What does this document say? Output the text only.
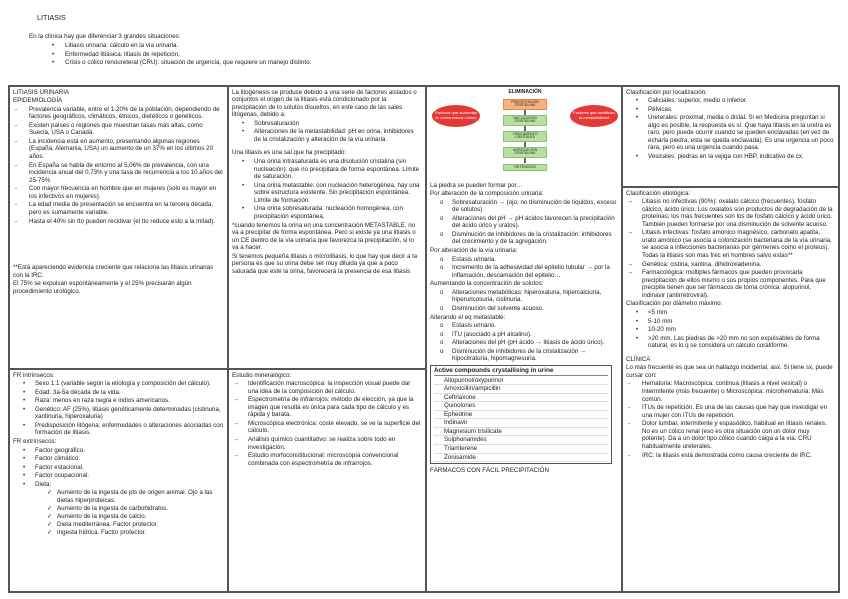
LITIASIS
En la clínica hay que diferenciar 3 grandes situaciones:
• Litiasis urinaria: cálculo en la vía urinaria.
• Enfermedad litiásica: litiasis de repetición.
• Crisis o cólico renoureteral (CRU): situación de urgencia, que requiere un manejo distinto.
LITIASIS URINARIA
EPIDEMIOLOGÍA
- Prevalencia variable, entre el 1-20% de la población, dependiendo de factores geográficos, climáticos, étnicos, dietéticos o genéticos.
- Existen países o regiones que muestran tasas más altas, como Suecia, USA o Canadá.
- La incidencia está en aumento, presentando algunas regiones (España, Alemania, USA) un aumento de un 37% en los últimos 20 años.
- En España se habla de entorno al 5,06% de prevalencia, con una incidencia anual del 0,73% y una tasa de recurrencia a los 10 años del 25-75%
- Con mayor frecuencia en hombre que en mujeres (solo es mayor en los infectivos en mujeres).
- La edad media de presentación se encuentra en la tercera década, pero es sumamente variable.
- Hasta el 40% sin tto pueden recidivar (el tto reduce esto a la mitad).
**Está apareciendo evidencia creciente que relaciona las litiasis urinarias con la IRC.
El 75% se expulsan espontáneamente y el 25% precisarán algún procedimiento urológico.
La litogénesis se produce debido a una serie de factores aislados o conjuntos el origen de la litiasis está condicionado por la precipitación de lo solutos disueltos, en este caso de las sales litógenas, debido a:
• Sobresaturación
• Alteraciones de la metastabilidad: pH en orina, inhibidores de la cristalización y alteración de la vía urinaria.
Una litiasis es una sal que ha precipitado:
• Una orina intrasaturada es una disolución cristalina (sin nucleación): que no precipitara de forma espontánea. Límite de saturación.
• Una orina metastable: con nucleación heterogénea, hay una sobre estructura existente. Sin precipitación espontánea. Límite de formación.
• Una orina sobresaturada: nucleación homogénea, con precipitación espontánea.
*cuando tenemos la orina en una concentración METASTABLE, no va a precipitar de forma espontánea. Pero si existe ya una litiasis o un CE dentro de la vía urinaria que favorezca la precipitación, si lo va a hacer.
Si tenemos pequeña litiasis o microlitiasis, lo que hay que decir a la persona es que su orina debe ser muy diluida ya que a poco saturada que esté la orina, favorecerá la presencia de esa litiasis
Factores que aumentan la concentración soluto
Factores que modifican la metastabilidad
ELIMINACIÓN
PRECIPITACIÓN CRISTALINA
NUCLEACIÓN CRISTALINA
CRECIMIENTO CRISTALES
AGREGACIÓN CRISTALINA
RETENCIÓN
La piedra se pueden formar por…
Por alteración de la composición urinaria:
o Sobresaturación → (ojo; no disminución de líquidos, exceso de solutos)
o Alteraciones del pH → pH ácidos favorecen la precipitación del ácido úrico y uratos).
o Disminución de inhibidores de la cristalización: inhibidores del crecimiento y de la agregación.
Por alteración de la vía urinaria:
o Estasis urinaria.
o Incremento de la adhesividad del epitelio tubular → por la inflamación, descamación del epitelio…
Aumentando la concentración de solutos:
o Alteraciones metabólicas: hiperoxaluria, hipercalciuria, hiperuricosuria, cistinuria.
o Disminución del solvente acuoso.
Alterando el eq metastable:
o Estasis urinario.
o ITU (asociado a pH alcalino).
o Alteraciones del pH (pH ácido → litiasis de ácido úrico).
o Disminución de inhibidores de la cristalización → hipocitraturia, hipomagnesuria.
Active compounds crystallising in urine
Allopurinol/oxypurinol
Amoxicillin/ampicillin
Ceftriaxone
Quinolones
Ephedrine
Indinavir
Magnesium trisilicate
Sulphonamides
Triamterene
Zonisamide
FÁRMACOS CON FÁCIL PRECIPITACIÓN
Clasificación por localización:
• Caliciales: superior, medio o inferior.
• Pélvicas.
• Ureterales: proximal, media o distal. Si en Medicina preguntan si algo es posible, la respuesta es sí. Que haya litiasis en la uretra es raro, pero puede ocurrir cuando se queden enclavadas (en vez de echarla piedra, esta se queda enclavada). Es una urgencia un poco rara, pero es una urgencia cuando pasa.
• Vesicales: piedras en la vejiga con HBP, indicativo de cx.
Clasificación etiológica:
→ Litiasis no infectivas (90%): oxalato cálcico (frecuentes), fosfato cálcico, ácido úrico. Los oxalatos son productos de degradación de la proteínas; los más frecuentes son los de fosfato cálcico y ácido úrico. También pueden formarse por una disminución de solvente acuoso.
→ Litiasis infectivas: fosfato amónico magnésico, carbonato apatita, urato amónico (se asocia a colonización bacteriana de la vía urinaria, se asocia a infecciones bacterianas por gérmenes como el proteus). Todas la litiasis son mas frec en hombres salvo estas**
→ Genética: cistina, xantina, dihidroxiadenina.
→ Farmacológica: múltiples fármacos que pueden provocarla precipitación de ellos mismo o sus propios componentes. Para que precipite tienen que ser fármacos de toma crónica: alopurinol, indinavir (antirretroviral).
Clasificación por diámetro máximo:
• <5 mm
• 5-10 mm
• 10-20 mm
• >20 mm. Las piedras de >20 mm no son expulsables de forma natural, es lo q se considera un cálculo coraliforme.
CLÍNICA
Lo más frecuente es que sea un hallazgo incidental, asx. Si tiene sx, puede cursar con:
- Hematuria: Macroscópica: continua (litiasis a nivel vesical) o intermitente (más frecuente) o Microscópica: microhematuria. Más común.
- ITUs de repetición. Es una de las causas que hay que investigar en una mujer con ITUs de repetición.
- Dolor lumbar, intermitente y espasódico, habitual en litiasis renales. No es un cólico renal (eso es otra situación con un dolor muy potente). Da a un dolor tipo cólico cuando caiga a la vía. CRU habitualmente ureterales.
- IRC: la litiasis está demostrada como causa creciente de IRC.
FR intrínsecos:
• Sexo 1:1 (variable según la etiología y composición del cálculo).
• Edad: 3a-5a década de la vida.
• Raza: menos en raza negra e indios americanos.
• Genético: AF (25%), litiasis genéticamente determinadas (cistinuria, xantinuria, hiperoxaluria)
• Predisposición litógena: enfermedades o alteraciones asociadas con formación de litiasis.
FR extrínsecos:
• Factor geográfico.
• Factor climático.
• Factor estacional.
• Factor ocupacional.
• Dieta:
✓ Aumento de la ingesta de pts de origen animal. Ojo a las dietas hiperproteicas.
✓ Aumento de la ingesta de carbohidratos.
✓ Aumento de la ingesta de calcio.
✓ Dieta mediterránea. Factor protector.
✓ Ingesta hídrica. Factor protector.
Estudio mineralógico:
→ Identificación macroscópica: la inspección visual puede dar una idea de la composición del cálculo.
→ Espectrometría de infrarrojos: método de elección, ya que la imagen que resulta es única para cada tipo de cálculo y es rápida y barata.
→ Microscópica electrónica: coste elevado, se ve la superficie del cálculo.
→ Análisis químico cuantitativo: se realiza sobre todo en investigación.
→ Estudio morfoconstitucional: microscopía convencional combinada con espectrometría de infrarrojos.
